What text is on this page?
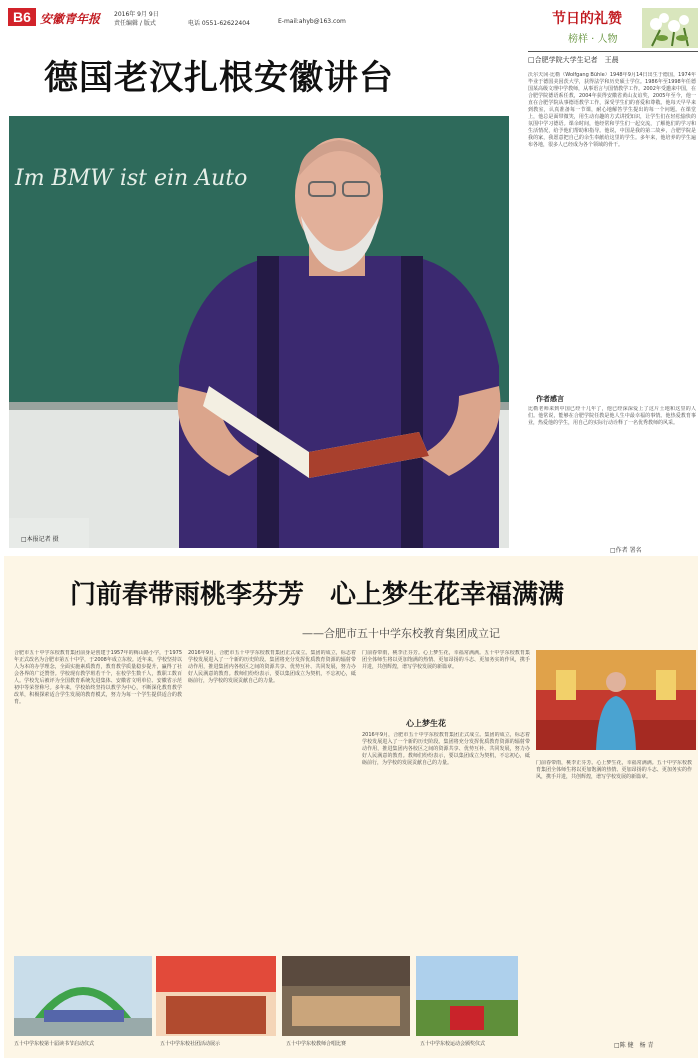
B6 安徽青年报 2016年 9月 9日
责任编辑 / 版式	电话 0551-62622404	E-mail:ahyb@163.com	节日的礼赞
榜样 · 人物
德国老汉扎根安徽讲台
Im BMW ist ein Auto
□本报记者 摄
□合肥学院大学生记者　王晨
沃尔夫冈·比勒（Wolfgang Bühle）1948年9月14日出生于德国，1974年毕业于德国美因茨大学，获得法学和历史硕士学位。1986年至1998年任德国某高级文理中学教师，从事语言与国情教学工作。2002年受邀来中国，在合肥学院德语系任教，2004年获得安徽省黄山友谊奖，2005年至今，他一直在合肥学院从事德语教学工作，深受学生们的喜爱和尊敬。他每天早早来到教室，认真准备每一节课，耐心地解答学生提出的每一个问题。在课堂上，他总是面带微笑，用生动有趣的方式讲授知识，让学生们在轻松愉快的氛围中学习德语。课余时间，他经常和学生们一起交流，了解他们的学习和生活情况，给予他们帮助和指导。他说，中国是我的第二故乡，合肥学院是我的家，我愿意把自己的余生奉献给这里的学生。多年来，他培养的学生遍布各地，很多人已经成为各个领域的骨干。
作者感言
比勒老师来到中国已经十几年了，他已经深深爱上了这片土地和这里的人们。他常说，能够在合肥学院任教是他人生中最幸福的事情。他热爱教育事业，热爱他的学生，用自己的实际行动诠释了一名优秀教师的风采。
□作者 署名
门前春带雨桃李芬芳　心上梦生花幸福满满
——合肥市五十中学东校教育集团成立记
合肥市五十中学东校教育集团前身是创建于1957年的梅山路小学，于1975年正式改名为合肥市第五十中学，于2008年成立东校。近年来，学校坚持以人为本的办学理念，全面实施素质教育，教育教学质量稳步提升，赢得了社会各界的广泛赞誉。学校现有教学班若干个，在校学生数千人，教职工数百人。学校先后被评为全国教育系统先进集体、安徽省文明单位、安徽省示范初中等荣誉称号。多年来，学校始终坚持以教学为中心，不断深化教育教学改革，积极探索适合学生发展的教育模式，努力为每一个学生提供适合的教育。
2016年9月，合肥市五十中学东校教育集团正式成立。集团的成立，标志着学校发展进入了一个新的历史阶段。集团将充分发挥优质教育资源的辐射带动作用，推进集团内各校区之间的资源共享、优势互补、共同发展，努力办好人民满意的教育。教师们纷纷表示，要以集团成立为契机，不忘初心，砥砺前行，为学校的发展贡献自己的力量。
门前春带雨，桃李正芬芳。心上梦生花，幸福常满满。五十中学东校教育集团全体师生将以更加饱满的热情、更加昂扬的斗志、更加务实的作风，携手并进，共创辉煌，谱写学校发展的新篇章。
心上梦生花
2016年9月，合肥市五十中学东校教育集团正式成立。集团的成立，标志着学校发展进入了一个新的历史阶段。集团将充分发挥优质教育资源的辐射带动作用，推进集团内各校区之间的资源共享、优势互补、共同发展，努力办好人民满意的教育。教师们纷纷表示，要以集团成立为契机，不忘初心，砥砺前行，为学校的发展贡献自己的力量。	门前春带雨，桃李正芬芳。心上梦生花，幸福常满满。五十中学东校教育集团全体师生将以更加饱满的热情、更加昂扬的斗志、更加务实的作风，携手并进，共创辉煌，谱写学校发展的新篇章。
□陈 健　杨 青
五十中学东校第十届读书节启动仪式	五十中学东校社团活动展示	五十中学东校教师合唱比赛	五十中学东校运动会颁奖仪式
